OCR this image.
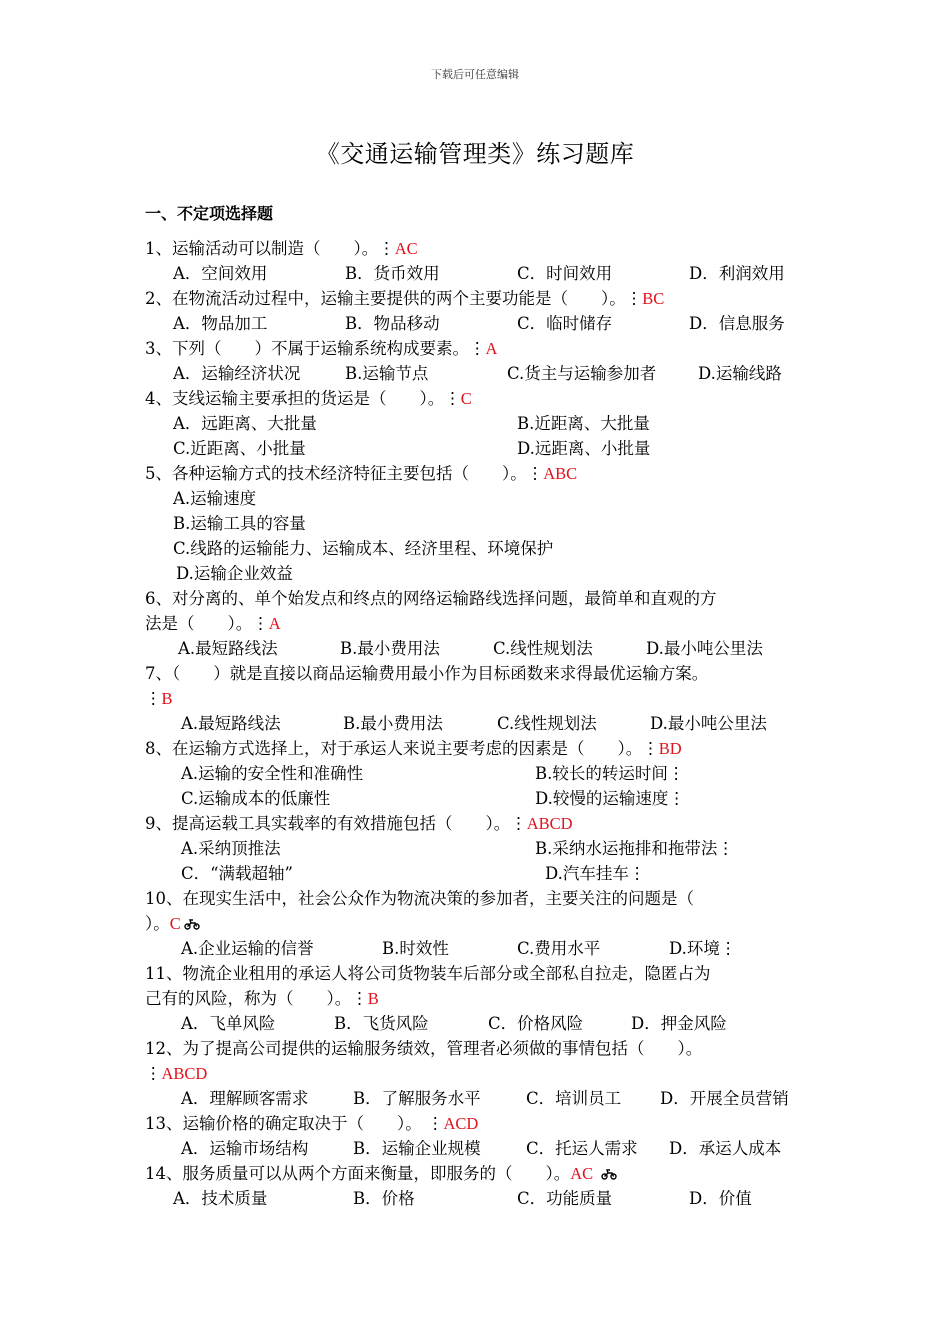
下载后可任意编辑
《交通运输管理类》练习题库
一、不定项选择题
1、运输活动可以制造（　　）。⋮AC
A．空间效用	B．货币效用	C．时间效用	D．利润效用
2、在物流活动过程中，运输主要提供的两个主要功能是（　　）。⋮BC
A．物品加工	B．物品移动	C．临时储存	D．信息服务
3、下列（　　）不属于运输系统构成要素。⋮A
A．运输经济状况	B.运输节点	C.货主与运输参加者	D.运输线路
4、支线运输主要承担的货运是（　　）。⋮C
A．远距离、大批量	B.近距离、大批量
C.近距离、小批量	D.远距离、小批量
5、各种运输方式的技术经济特征主要包括（　　）。⋮ABC
A.运输速度
B.运输工具的容量
C.线路的运输能力、运输成本、经济里程、环境保护
D.运输企业效益
6、对分离的、单个始发点和终点的网络运输路线选择问题，最简单和直观的方
法是（　　）。⋮A
A.最短路线法	B.最小费用法	C.线性规划法	D.最小吨公里法
7、（　　）就是直接以商品运输费用最小作为目标函数来求得最优运输方案。
⋮B
A.最短路线法	B.最小费用法	C.线性规划法	D.最小吨公里法
8、在运输方式选择上，对于承运人来说主要考虑的因素是（　　）。⋮BD
A.运输的安全性和准确性	B.较长的转运时间⋮
C.运输成本的低廉性	D.较慢的运输速度⋮
9、提高运载工具实载率的有效措施包括（　　）。⋮ABCD
A.采纳顶推法	B.采纳水运拖排和拖带法⋮
C．“满载超轴”	D.汽车挂车⋮
10、在现实生活中，社会公众作为物流决策的参加者，主要关注的问题是（
）。C
A.企业运输的信誉	B.时效性	C.费用水平	D.环境⋮
11、物流企业租用的承运人将公司货物装车后部分或全部私自拉走，隐匿占为
己有的风险，称为（　　）。⋮B
A．飞单风险	B．飞货风险	C．价格风险	D．押金风险
12、为了提高公司提供的运输服务绩效，管理者必须做的事情包括（　　）。
⋮ABCD
A．理解顾客需求	B．了解服务水平	C．培训员工 D．开展全员营销
13、运输价格的确定取决于（　　）。 ⋮ACD
A．运输市场结构	B．运输企业规模	C．托运人需求 D．承运人成本
14、服务质量可以从两个方面来衡量，即服务的（　　）。AC
A．技术质量	B．价格	C．功能质量	D．价值
